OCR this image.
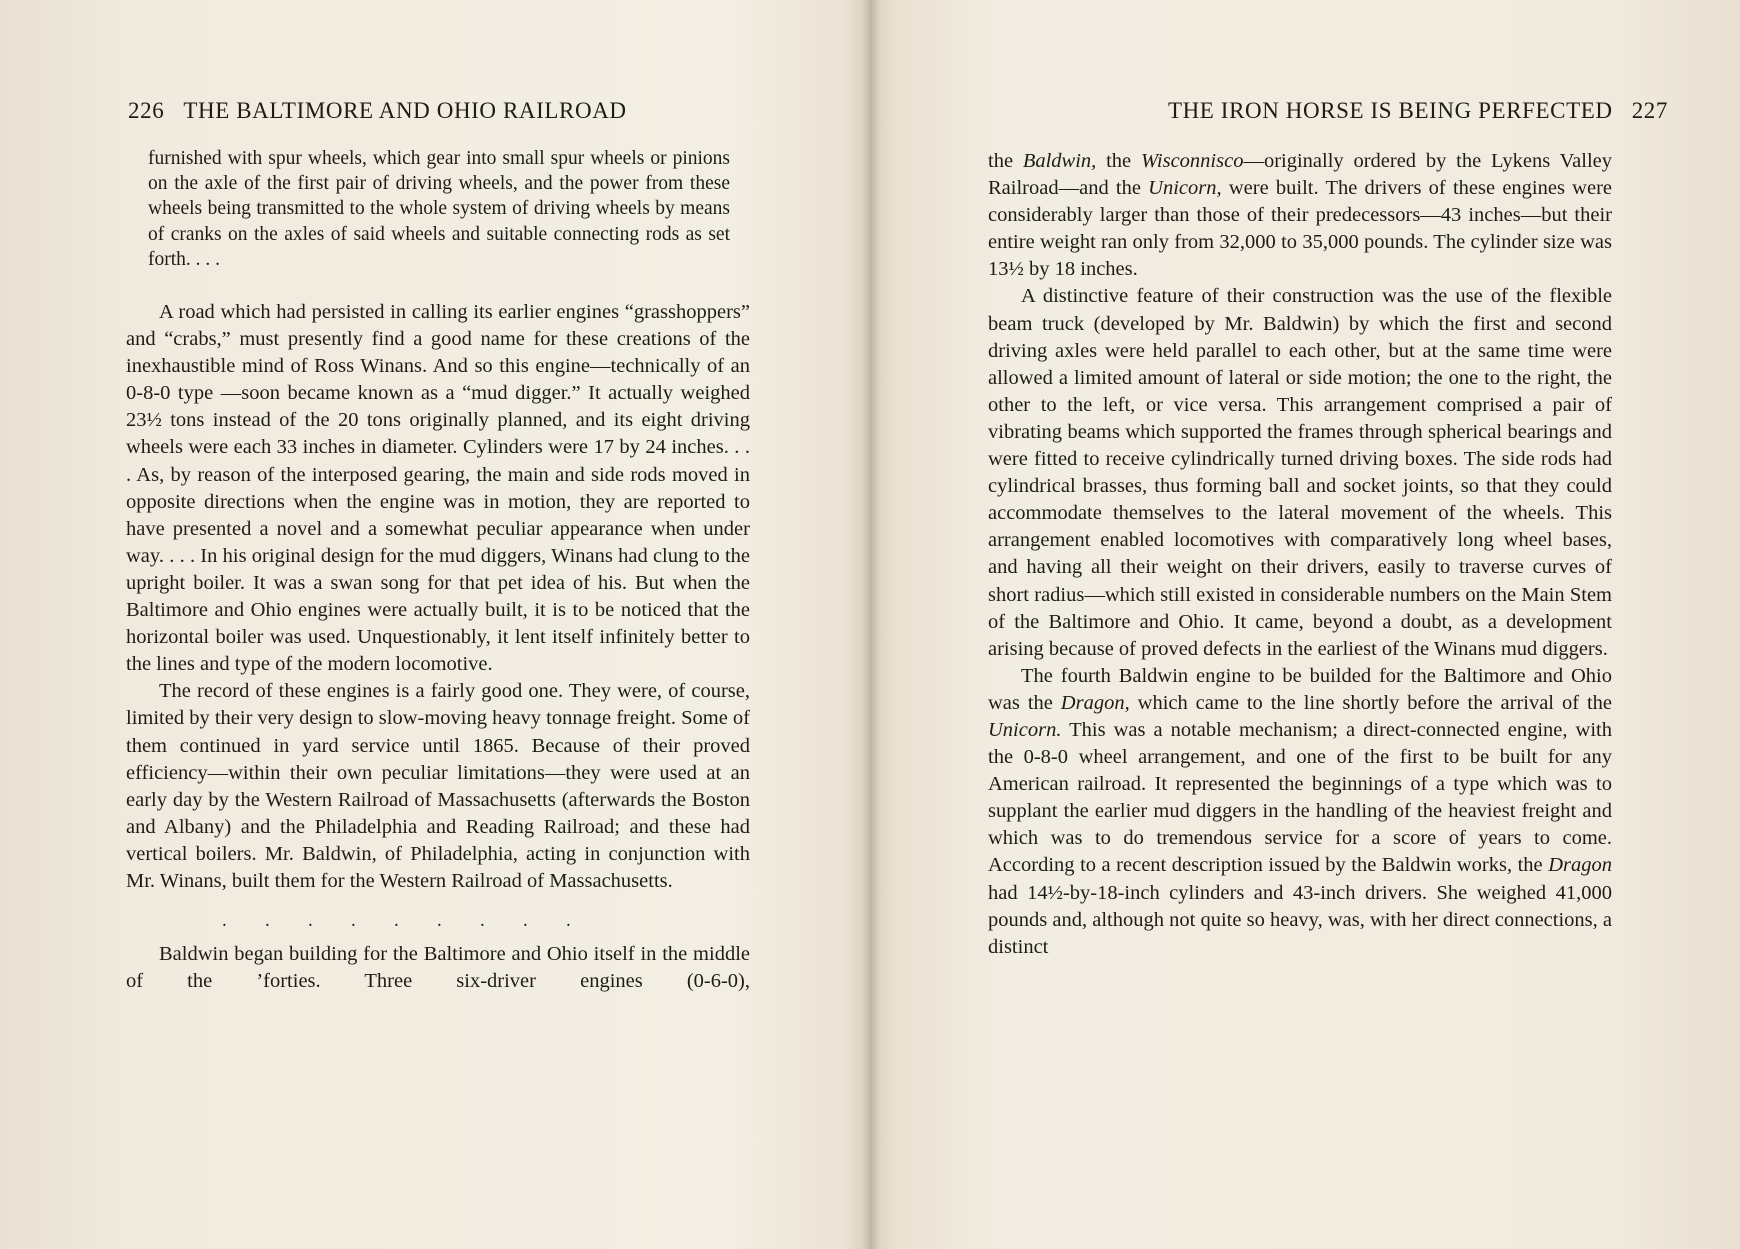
226 THE BALTIMORE AND OHIO RAILROAD
furnished with spur wheels, which gear into small spur wheels or pinions on the axle of the first pair of driving wheels, and the power from these wheels being transmitted to the whole system of driving wheels by means of cranks on the axles of said wheels and suitable connecting rods as set forth. . . .

A road which had persisted in calling its earlier engines “grasshoppers” and “crabs,” must presently find a good name for these creations of the inexhaustible mind of Ross Winans. And so this engine—technically of an 0-8-0 type —soon became known as a “mud digger.” It actually weighed 23½ tons instead of the 20 tons originally planned, and its eight driving wheels were each 33 inches in diameter. Cylinders were 17 by 24 inches. . . . As, by reason of the interposed gearing, the main and side rods moved in opposite directions when the engine was in motion, they are reported to have presented a novel and a somewhat peculiar appearance when under way. . . . In his original design for the mud diggers, Winans had clung to the upright boiler. It was a swan song for that pet idea of his. But when the Baltimore and Ohio engines were actually built, it is to be noticed that the horizontal boiler was used. Unquestionably, it lent itself infinitely better to the lines and type of the modern locomotive.

The record of these engines is a fairly good one. They were, of course, limited by their very design to slow-moving heavy tonnage freight. Some of them continued in yard service until 1865. Because of their proved efficiency—within their own peculiar limitations—they were used at an early day by the Western Railroad of Massachusetts (afterwards the Boston and Albany) and the Philadelphia and Reading Railroad; and these had vertical boilers. Mr. Baldwin, of Philadelphia, acting in conjunction with Mr. Winans, built them for the Western Railroad of Massachusetts.

. . . . . . . . .

Baldwin began building for the Baltimore and Ohio itself in the middle of the ’forties. Three six-driver engines (0-6-0),

THE IRON HORSE IS BEING PERFECTED 227

the Baldwin, the Wisconnisco—originally ordered by the Lykens Valley Railroad—and the Unicorn, were built. The drivers of these engines were considerably larger than those of their predecessors—43 inches—but their entire weight ran only from 32,000 to 35,000 pounds. The cylinder size was 13½ by 18 inches.

A distinctive feature of their construction was the use of the flexible beam truck (developed by Mr. Baldwin) by which the first and second driving axles were held parallel to each other, but at the same time were allowed a limited amount of lateral or side motion; the one to the right, the other to the left, or vice versa. This arrangement comprised a pair of vibrating beams which supported the frames through spherical bearings and were fitted to receive cylindrically turned driving boxes. The side rods had cylindrical brasses, thus forming ball and socket joints, so that they could accommodate themselves to the lateral movement of the wheels. This arrangement enabled locomotives with comparatively long wheel bases, and having all their weight on their drivers, easily to traverse curves of short radius—which still existed in considerable numbers on the Main Stem of the Baltimore and Ohio. It came, beyond a doubt, as a development arising because of proved defects in the earliest of the Winans mud diggers.

The fourth Baldwin engine to be builded for the Baltimore and Ohio was the Dragon, which came to the line shortly before the arrival of the Unicorn. This was a notable mechanism; a direct-connected engine, with the 0-8-0 wheel arrangement, and one of the first to be built for any American railroad. It represented the beginnings of a type which was to supplant the earlier mud diggers in the handling of the heaviest freight and which was to do tremendous service for a score of years to come. According to a recent description issued by the Baldwin works, the Dragon had 14½-by-18-inch cylinders and 43-inch drivers. She weighed 41,000 pounds and, although not quite so heavy, was, with her direct connections, a distinct
